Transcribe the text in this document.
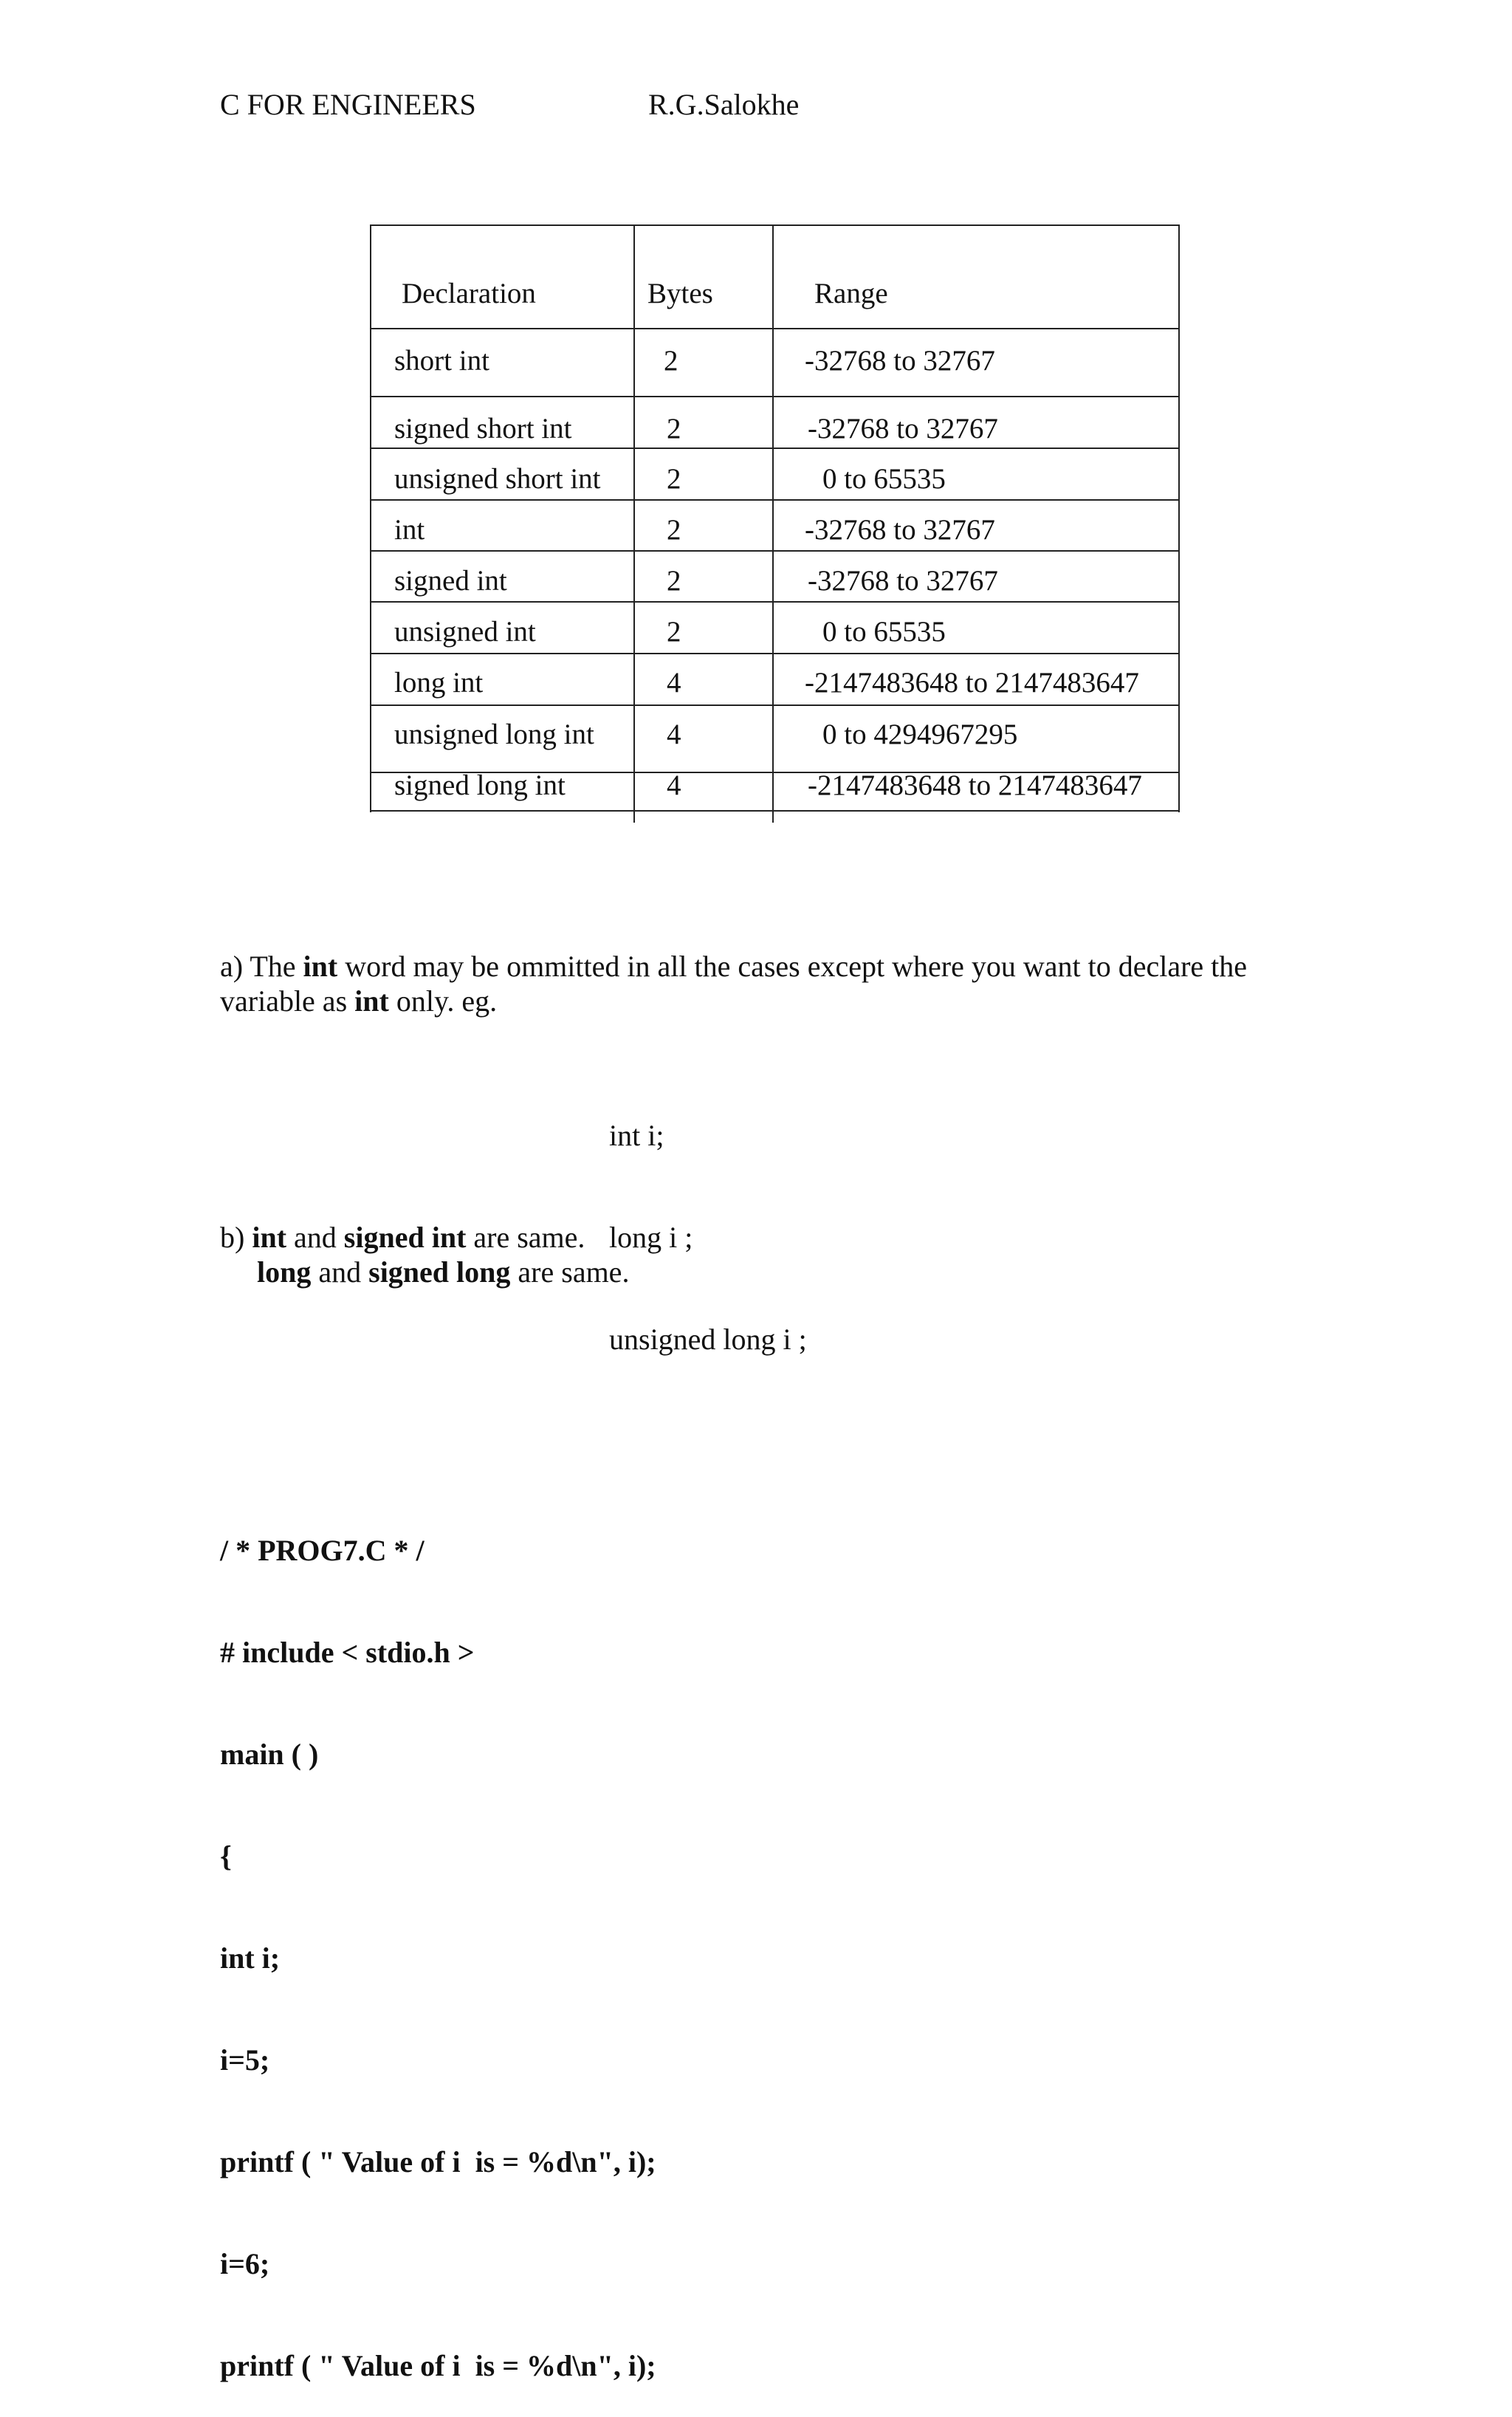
C FOR ENGINEERS	R.G.Salokhe
Declaration	Bytes	Range
short int	2	-32768 to 32767
signed short int	2	-32768 to 32767
unsigned short int 2	0 to 65535
int	2	-32768 to 32767
signed int	2	-32768 to 32767
unsigned int	2	0 to 65535
long int	4	-2147483648 to 2147483647
unsigned long int	4	0 to 4294967295
signed long int	4	-2147483648 to 2147483647
a) The int word may be ommitted in all the cases except where you want to declare the
variable as int only. eg.

int i;

long i ;

unsigned long i ;

b) int and signed int are same.
long and signed long are same.

/ * PROG7.C * /

# include < stdio.h >

main ( )

{

int i;

i=5;

printf ( " Value of i  is = %d\n", i);

i=6;

printf ( " Value of i  is = %d\n", i);
